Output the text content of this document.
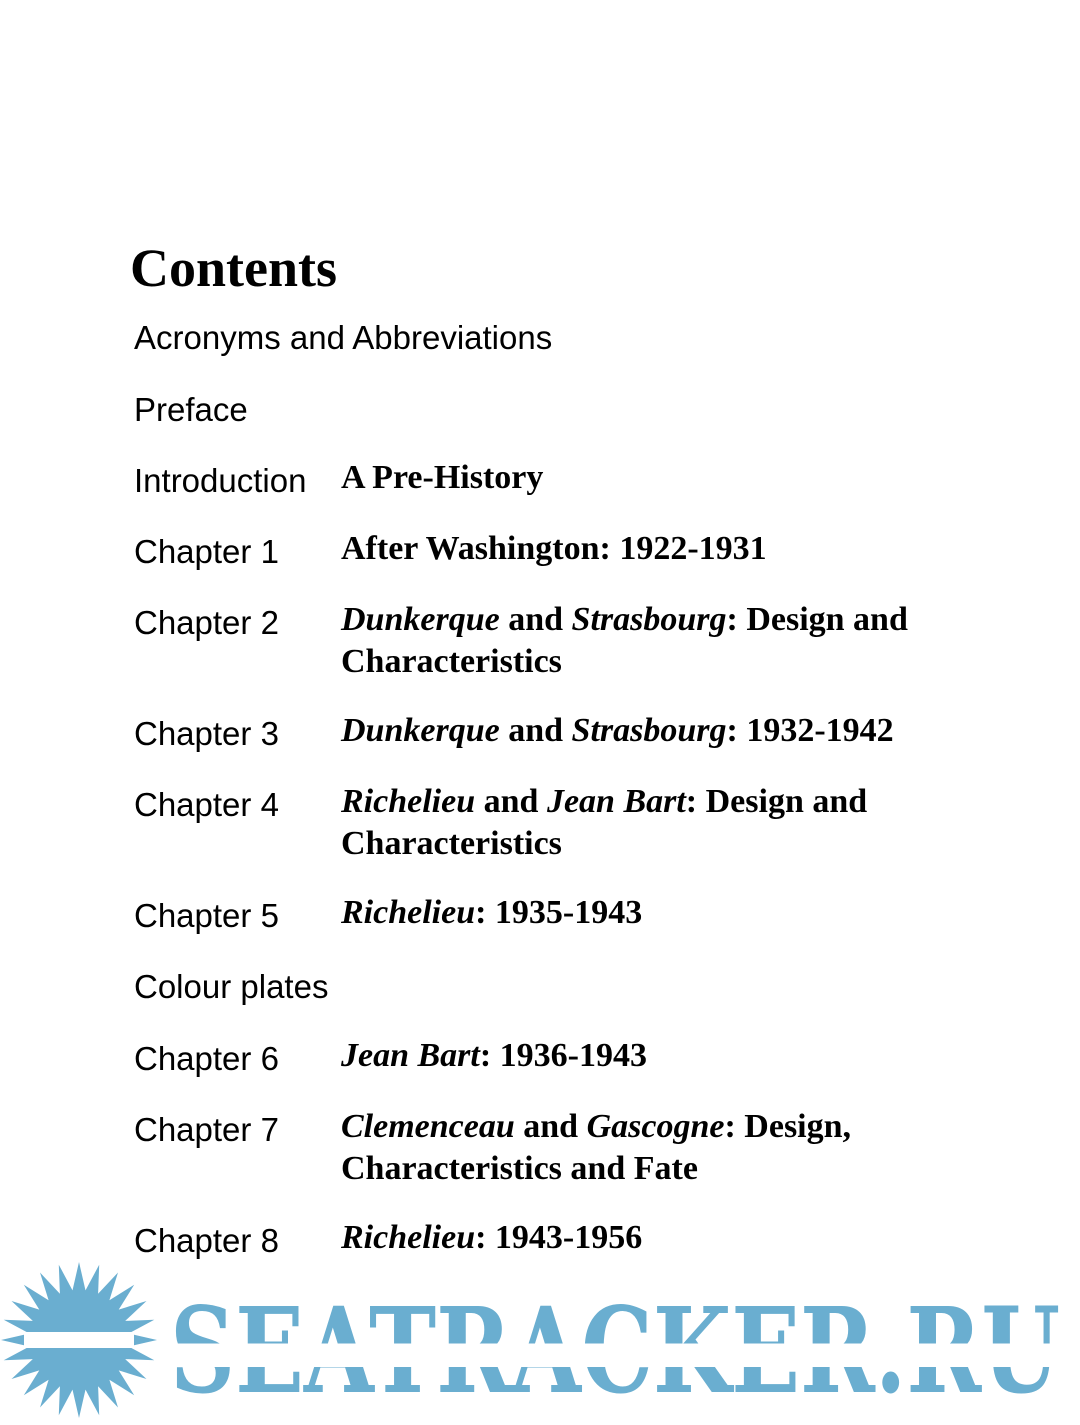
Contents
Acronyms and Abbreviations
Preface
Introduction A Pre-History
Chapter 1 After Washington: 1922-1931
Chapter 2 Dunkerque and Strasbourg: Design and Characteristics
Chapter 3 Dunkerque and Strasbourg: 1932-1942
Chapter 4 Richelieu and Jean Bart: Design and Characteristics
Chapter 5 Richelieu: 1935-1943
Colour plates
Chapter 6 Jean Bart: 1936-1943
Chapter 7 Clemenceau and Gascogne: Design, Characteristics and Fate
Chapter 8 Richelieu: 1943-1956
SEATRACKER.RU
